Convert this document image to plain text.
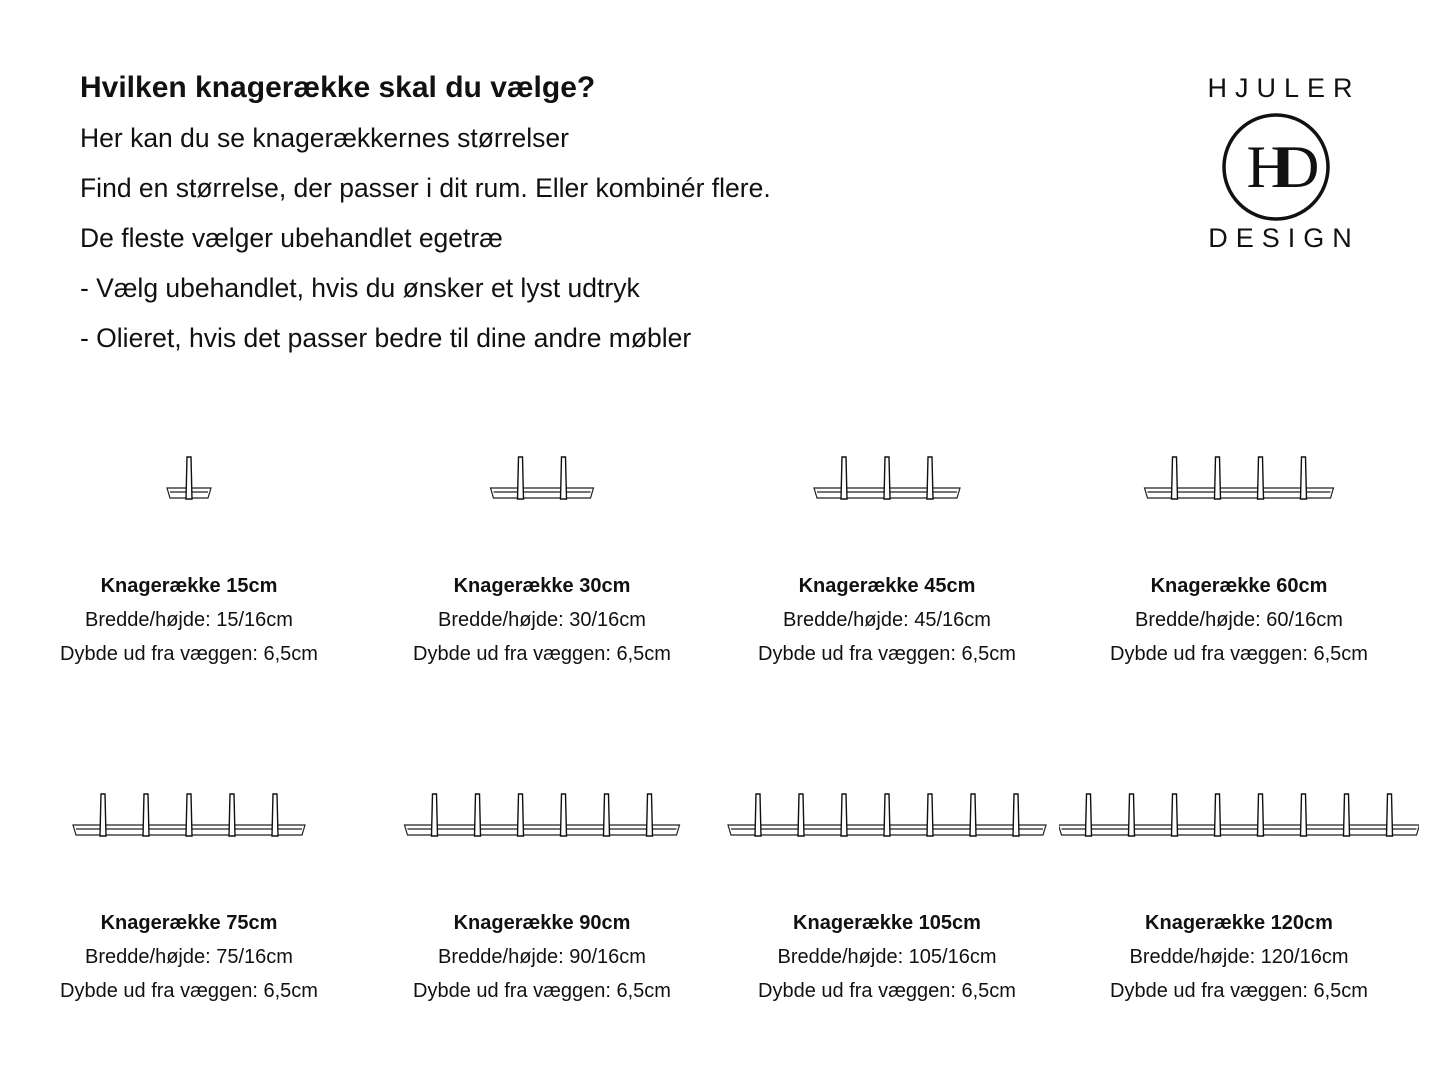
Hvilken knagerække skal du vælge?

Her kan du se knagerækkernes størrelser

Find en størrelse, der passer i dit rum. Eller kombinér flere.

De fleste vælger ubehandlet egetræ

- Vælg ubehandlet, hvis du ønsker et lyst udtryk

- Olieret, hvis det passer bedre til dine andre møbler

HJULER
HD
DESIGN
Knagerække 15cm
Bredde/højde: 15/16cm
Dybde ud fra væggen: 6,5cm
Knagerække 30cm
Bredde/højde: 30/16cm
Dybde ud fra væggen: 6,5cm
Knagerække 45cm
Bredde/højde: 45/16cm
Dybde ud fra væggen: 6,5cm
Knagerække 60cm
Bredde/højde: 60/16cm
Dybde ud fra væggen: 6,5cm
Knagerække 75cm
Bredde/højde: 75/16cm
Dybde ud fra væggen: 6,5cm
Knagerække 90cm
Bredde/højde: 90/16cm
Dybde ud fra væggen: 6,5cm
Knagerække 105cm
Bredde/højde: 105/16cm
Dybde ud fra væggen: 6,5cm
Knagerække 120cm
Bredde/højde: 120/16cm
Dybde ud fra væggen: 6,5cm
